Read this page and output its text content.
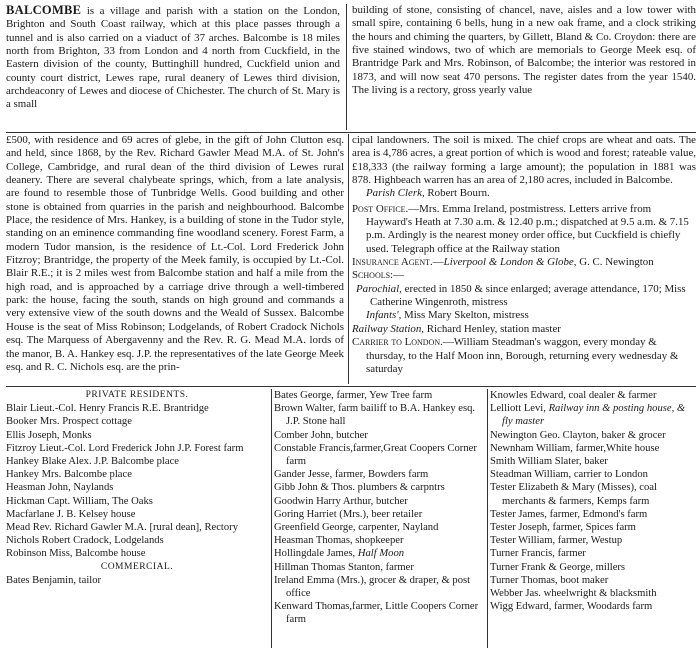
BALCOMBE is a village and parish with a station on the London, Brighton and South Coast railway, which at this place passes through a tunnel and is also carried on a viaduct of 37 arches. Balcombe is 18 miles north from Brighton, 33 from London and 4 north from Cuckfield, in the Eastern division of the county, Buttinghill hundred, Cuckfield union and county court district, Lewes rape, rural deanery of Lewes third division, archdeaconry of Lewes and diocese of Chichester. The church of St. Mary is a small

building of stone, consisting of chancel, nave, aisles and a low tower with small spire, containing 6 bells, hung in a new oak frame, and a clock striking the hours and chiming the quarters, by Gillett, Bland & Co. Croydon: there are five stained windows, two of which are memorials to George Meek esq. of Brantridge Park and Mrs. Robinson, of Balcombe; the interior was restored in 1873, and will now seat 470 persons. The register dates from the year 1540. The living is a rectory, gross yearly value

£500, with residence and 69 acres of glebe, in the gift of John Clutton esq. and held, since 1868, by the Rev. Richard Gawler Mead M.A. of St. John's College, Cambridge, and rural dean of the third division of Lewes rural deanery. There are several chalybeate springs, which, from a late analysis, are found to resemble those of Tunbridge Wells. Good building and other stone is obtained from quarries in the parish and neighbourhood. Balcombe Place, the residence of Mrs. Hankey, is a building of stone in the Tudor style, standing on an eminence commanding fine woodland scenery. Forest Farm, a modern Tudor mansion, is the residence of Lt.-Col. Lord Frederick John Fitzroy; Brantridge, the property of the Meek family, is occupied by Lt.-Col. Blair R.E.; it is 2 miles west from Balcombe station and half a mile from the high road, and is approached by a carriage drive through a well-timbered park: the house, facing the south, stands on high ground and commands a very extensive view of the south downs and the Weald of Sussex. Balcombe House is the seat of Miss Robinson; Lodgelands, of Robert Cradock Nichols esq. The Marquess of Abergavenny and the Rev. R. G. Mead M.A. lords of the manor, B. A. Hankey esq. J.P. the representatives of the late George Meek esq. and R. C. Nichols esq. are the prin-

cipal landowners. The soil is mixed. The chief crops are wheat and oats. The area is 4,786 acres, a great portion of which is wood and forest; rateable value, £18,333 (the railway forming a large amount); the population in 1881 was 878. Highbeach warren has an area of 2,180 acres, included in Balcombe.

Parish Clerk, Robert Bourn.

Post Office.—Mrs. Emma Ireland, postmistress. Letters arrive from Hayward's Heath at 7.30 a.m. & 12.40 p.m.; dispatched at 9.5 a.m. & 7.15 p.m. Ardingly is the nearest money order office, but Cuckfield is chiefly used. Telegraph office at the Railway station

Insurance Agent.—Liverpool & London & Globe, G. C. Newington

Schools:—

Parochial, erected in 1850 & since enlarged; average attendance, 170; Miss Catherine Wingenroth, mistress

Infants', Miss Mary Skelton, mistress

Railway Station, Richard Henley, station master

Carrier to London.—William Steadman's waggon, every monday & thursday, to the Half Moon inn, Borough, returning every wednesday & saturday

PRIVATE RESIDENTS.
Blair Lieut.-Col. Henry Francis R.E. Brantridge
Booker Mrs. Prospect cottage
Ellis Joseph, Monks
Fitzroy Lieut.-Col. Lord Frederick John J.P. Forest farm
Hankey Blake Alex. J.P. Balcombe place
Hankey Mrs. Balcombe place
Heasman John, Naylands
Hickman Capt. William, The Oaks
Macfarlane J. B. Kelsey house
Mead Rev. Richard Gawler M.A. [rural dean], Rectory
Nichols Robert Cradock, Lodgelands
Robinson Miss, Balcombe house
COMMERCIAL.
Bates Benjamin, tailor
Bates George, farmer, Yew Tree farm
Brown Walter, farm bailiff to B.A. Hankey esq. J.P. Stone hall
Comber John, butcher
Constable Francis,farmer,Great Coopers Corner farm
Gander Jesse, farmer, Bowders farm
Gibb John & Thos. plumbers & carpntrs
Goodwin Harry Arthur, butcher
Goring Harriet (Mrs.), beer retailer
Greenfield George, carpenter, Nayland
Heasman Thomas, shopkeeper
Hollingdale James, Half Moon
Hillman Thomas Stanton, farmer
Ireland Emma (Mrs.), grocer & draper, & post office
Kenward Thomas,farmer, Little Coopers Corner farm
Knowles Edward, coal dealer & farmer
Lelliott Levi, Railway inn & posting house, & fly master
Newington Geo. Clayton, baker & grocer
Newnham William, farmer,White house
Smith William Slater, baker
Steadman William, carrier to London
Tester Elizabeth & Mary (Misses), coal merchants & farmers, Kemps farm
Tester James, farmer, Edmond's farm
Tester Joseph, farmer, Spices farm
Tester William, farmer, Westup
Turner Francis, farmer
Turner Frank & George, millers
Turner Thomas, boot maker
Webber Jas. wheelwright & blacksmith
Wigg Edward, farmer, Woodards farm
